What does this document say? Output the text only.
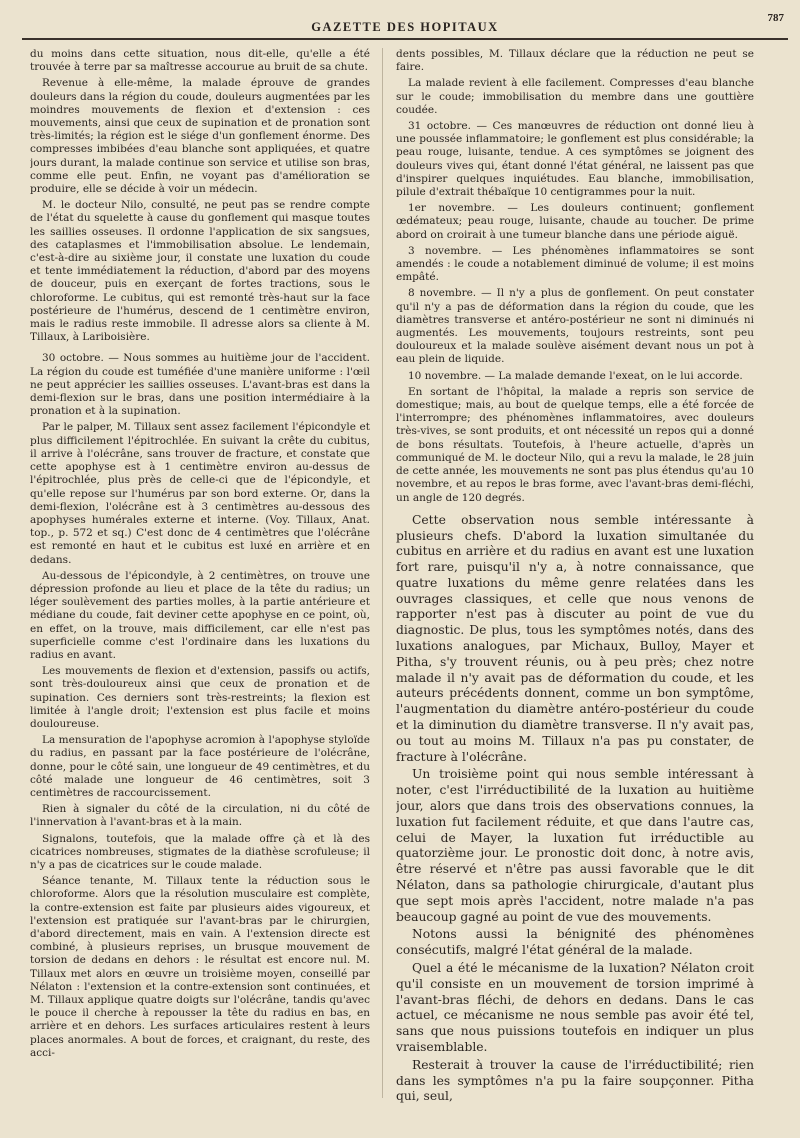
GAZETTE DES HOPITAUX
787

du moins dans cette situation, nous dit-elle, qu'elle a été trouvée à terre par sa maîtresse accourue au bruit de sa chute.

Revenue à elle-même, la malade éprouve de grandes douleurs dans la région du coude, douleurs augmentées par les moindres mouvements de flexion et d'extension : ces mouvements, ainsi que ceux de supination et de pronation sont très-limités; la région est le siége d'un gonflement énorme. Des compresses imbibées d'eau blanche sont appliquées, et quatre jours durant, la malade continue son service et utilise son bras, comme elle peut. Enfin, ne voyant pas d'amélioration se produire, elle se décide à voir un médecin.

M. le docteur Nilo, consulté, ne peut pas se rendre compte de l'état du squelette à cause du gonflement qui masque toutes les saillies osseuses. Il ordonne l'application de six sangsues, des cataplasmes et l'immobilisation absolue. Le lendemain, c'est-à-dire au sixième jour, il constate une luxation du coude et tente immédiatement la réduction, d'abord par des moyens de douceur, puis en exerçant de fortes tractions, sous le chloroforme. Le cubitus, qui est remonté très-haut sur la face postérieure de l'humérus, descend de 1 centimètre environ, mais le radius reste immobile. Il adresse alors sa cliente à M. Tillaux, à Lariboisière.

30 octobre. — Nous sommes au huitième jour de l'accident. La région du coude est tuméfiée d'une manière uniforme : l'œil ne peut apprécier les saillies osseuses. L'avant-bras est dans la demi-flexion sur le bras, dans une position intermédiaire à la pronation et à la supination.

Par le palper, M. Tillaux sent assez facilement l'épicondyle et plus difficilement l'épitrochlée. En suivant la crête du cubitus, il arrive à l'olécrâne, sans trouver de fracture, et constate que cette apophyse est à 1 centimètre environ au-dessus de l'épitrochlée, plus près de celle-ci que de l'épicondyle, et qu'elle repose sur l'humérus par son bord externe. Or, dans la demi-flexion, l'olécrâne est à 3 centimètres au-dessous des apophyses humérales externe et interne. (Voy. Tillaux, Anat. top., p. 572 et sq.) C'est donc de 4 centimètres que l'olécrâne est remonté en haut et le cubitus est luxé en arrière et en dedans.

Au-dessous de l'épicondyle, à 2 centimètres, on trouve une dépression profonde au lieu et place de la tête du radius; un léger soulèvement des parties molles, à la partie antérieure et médiane du coude, fait deviner cette apophyse en ce point, où, en effet, on la trouve, mais difficilement, car elle n'est pas superficielle comme c'est l'ordinaire dans les luxations du radius en avant.

Les mouvements de flexion et d'extension, passifs ou actifs, sont très-douloureux ainsi que ceux de pronation et de supination. Ces derniers sont très-restreints; la flexion est limitée à l'angle droit; l'extension est plus facile et moins douloureuse.

La mensuration de l'apophyse acromion à l'apophyse styloïde du radius, en passant par la face postérieure de l'olécrâne, donne, pour le côté sain, une longueur de 49 centimètres, et du côté malade une longueur de 46 centimètres, soit 3 centimètres de raccourcissement.

Rien à signaler du côté de la circulation, ni du côté de l'innervation à l'avant-bras et à la main.

Signalons, toutefois, que la malade offre çà et là des cicatrices nombreuses, stigmates de la diathèse scrofuleuse; il n'y a pas de cicatrices sur le coude malade.

Séance tenante, M. Tillaux tente la réduction sous le chloroforme. Alors que la résolution musculaire est complète, la contre-extension est faite par plusieurs aides vigoureux, et l'extension est pratiquée sur l'avant-bras par le chirurgien, d'abord directement, mais en vain. A l'extension directe est combiné, à plusieurs reprises, un brusque mouvement de torsion de dedans en dehors : le résultat est encore nul. M. Tillaux met alors en œuvre un troisième moyen, conseillé par Nélaton : l'extension et la contre-extension sont continuées, et M. Tillaux applique quatre doigts sur l'olécrâne, tandis qu'avec le pouce il cherche à repousser la tête du radius en bas, en arrière et en dehors. Les surfaces articulaires restent à leurs places anormales. A bout de forces, et craignant, du reste, des acci-

dents possibles, M. Tillaux déclare que la réduction ne peut se faire.

La malade revient à elle facilement. Compresses d'eau blanche sur le coude; immobilisation du membre dans une gouttière coudée.

31 octobre. — Ces manœuvres de réduction ont donné lieu à une poussée inflammatoire; le gonflement est plus considérable; la peau rouge, luisante, tendue. A ces symptômes se joignent des douleurs vives qui, étant donné l'état général, ne laissent pas que d'inspirer quelques inquiétudes. Eau blanche, immobilisation, pilule d'extrait thébaïque 10 centigrammes pour la nuit.

1er novembre. — Les douleurs continuent; gonflement œdémateux; peau rouge, luisante, chaude au toucher. De prime abord on croirait à une tumeur blanche dans une période aiguë.

3 novembre. — Les phénomènes inflammatoires se sont amendés : le coude a notablement diminué de volume; il est moins empâté.

8 novembre. — Il n'y a plus de gonflement. On peut constater qu'il n'y a pas de déformation dans la région du coude, que les diamètres transverse et antéro-postérieur ne sont ni diminués ni augmentés. Les mouvements, toujours restreints, sont peu douloureux et la malade soulève aisément devant nous un pot à eau plein de liquide.

10 novembre. — La malade demande l'exeat, on le lui accorde.

En sortant de l'hôpital, la malade a repris son service de domestique; mais, au bout de quelque temps, elle a été forcée de l'interrompre; des phénomènes inflammatoires, avec douleurs très-vives, se sont produits, et ont nécessité un repos qui a donné de bons résultats. Toutefois, à l'heure actuelle, d'après un communiqué de M. le docteur Nilo, qui a revu la malade, le 28 juin de cette année, les mouvements ne sont pas plus étendus qu'au 10 novembre, et au repos le bras forme, avec l'avant-bras demi-fléchi, un angle de 120 degrés.

Cette observation nous semble intéressante à plusieurs chefs. D'abord la luxation simultanée du cubitus en arrière et du radius en avant est une luxation fort rare, puisqu'il n'y a, à notre connaissance, que quatre luxations du même genre relatées dans les ouvrages classiques, et celle que nous venons de rapporter n'est pas à discuter au point de vue du diagnostic. De plus, tous les symptômes notés, dans des luxations analogues, par Michaux, Bulloy, Mayer et Pitha, s'y trouvent réunis, ou à peu près; chez notre malade il n'y avait pas de déformation du coude, et les auteurs précédents donnent, comme un bon symptôme, l'augmentation du diamètre antéro-postérieur du coude et la diminution du diamètre transverse. Il n'y avait pas, ou tout au moins M. Tillaux n'a pas pu constater, de fracture à l'olécrâne.

Un troisième point qui nous semble intéressant à noter, c'est l'irréductibilité de la luxation au huitième jour, alors que dans trois des observations connues, la luxation fut facilement réduite, et que dans l'autre cas, celui de Mayer, la luxation fut irréductible au quatorzième jour. Le pronostic doit donc, à notre avis, être réservé et n'être pas aussi favorable que le dit Nélaton, dans sa pathologie chirurgicale, d'autant plus que sept mois après l'accident, notre malade n'a pas beaucoup gagné au point de vue des mouvements.

Notons aussi la bénignité des phénomènes consécutifs, malgré l'état général de la malade.

Quel a été le mécanisme de la luxation? Nélaton croit qu'il consiste en un mouvement de torsion imprimé à l'avant-bras fléchi, de dehors en dedans. Dans le cas actuel, ce mécanisme ne nous semble pas avoir été tel, sans que nous puissions toutefois en indiquer un plus vraisemblable.

Resterait à trouver la cause de l'irréductibilité; rien dans les symptômes n'a pu la faire soupçonner. Pitha qui, seul,
